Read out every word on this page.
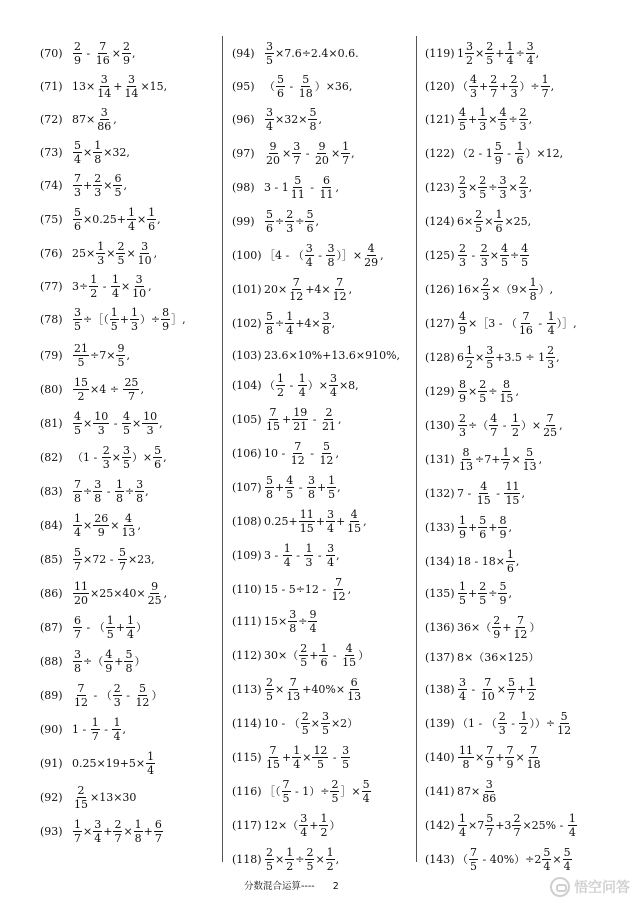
$(70) \frac{2}{9} - \frac{7}{16} \times \frac{2}{9}$ ,
(71) $13\times \frac{3}{14} + \frac{3}{14} \times 15$,
(72) $87\times \frac{3}{86}$ ,
$(73) \frac{5}{4} \times \frac{1}{8} \times 32$,
$(74) \frac{7}{3} + \frac{2}{3} \times \frac{6}{5}$ ,
$(75) \frac{5}{6} \times 0.25+ \frac{1}{4} \times \frac{1}{6}$ ,
(76) $25\times \frac{1}{3} \times \frac{2}{5} \times \frac{3}{10}$ ,
(77) $3\div \frac{1}{2} - \frac{1}{4} \times \frac{3}{10}$ ,
$(78) \frac{3}{5}$ ÷［（ $\frac{1}{5} + \frac{1}{3}$ ）÷ $\frac{8}{9}$ ］,
$(79) \frac{21}{5} \div 7\times \frac{9}{5}$ ,
$(80) \frac{15}{2} \times 4 \div \frac{25}{7}$ ,
$(81) \frac{4}{5} \times \frac{10}{3} - \frac{4}{5} \times \frac{10}{3}$ ,
(82) （$1 - \frac{2}{3} \times \frac{3}{5}$ ）× $\frac{5}{6}$ ,
$(83) \frac{7}{8} \div \frac{3}{8} - \frac{1}{8} \div \frac{3}{8}$ ,
$(84) \frac{1}{4} \times \frac{26}{9} \times \frac{4}{13}$ ,
$(85) \frac{5}{7} \times 72 - \frac{5}{7} \times 23$,
$(86) \frac{11}{20} \times 25\times 40\times \frac{9}{25}$ ,
$(87) \frac{6}{7}$ - （ $\frac{1}{5} + \frac{1}{4}$ ）
$(88) \frac{3}{8}$ ÷（ $\frac{4}{9} + \frac{5}{8}$ ）
$(89) \frac{7}{12}$ - （ $\frac{2}{3} - \frac{5}{12}$ ）
(90) $1 - \frac{1}{7} - \frac{1}{4}$ ,
(91) $0.25\times 19+5\times \frac{1}{4}$
$(92) \frac{2}{15} \times 13\times 30$
$(93) \frac{1}{7} \times \frac{3}{4} + \frac{2}{7} \times \frac{1}{8} + \frac{6}{7}$
$(94) \frac{3}{5} \times 7.6\div 2.4\times 0.6$.
(95) （ $\frac{5}{6} - \frac{5}{18} )\times 36$,
$(96) \frac{3}{4} \times 32\times \frac{5}{8}$ ,
$(97) \frac{9}{20} \times \frac{3}{7} - \frac{9}{20} \times \frac{1}{7}$ ,
(98) $3 - 1 \frac{5}{11} - \frac{6}{11}$ ,
$(99) \frac{5}{6} \div \frac{2}{3} \div \frac{5}{6}$ ,
(100) ［4 - （ $\frac{3}{4} - \frac{3}{8}$ ）］× $\frac{4}{29}$ ,
(101) $20\times \frac{7}{12} +4\times \frac{7}{12}$ ,
$(102) \frac{5}{8} \div \frac{1}{4} +4\times \frac{3}{8}$ ,
(103) 23.6×10%+13.6×910%,
(104) （ $\frac{1}{2} - \frac{1}{4}$ ）× $\frac{3}{4} \times 8$,
$(105) \frac{7}{15} + \frac{19}{21} - \frac{2}{21}$ ,
(106) $10 - \frac{7}{12} - \frac{5}{12}$ ,
$(107) \frac{5}{8} + \frac{4}{5} - \frac{3}{8} + \frac{1}{5}$ ,
(108) $0.25+ \frac{11}{15} + \frac{3}{4} + \frac{4}{15}$ ,
(109) $3 - \frac{1}{4} - \frac{1}{3} - \frac{3}{4}$ ,
(110) $15 - 5\div 12 - \frac{7}{12}$ ,
(111) $15\times \frac{3}{8} \div \frac{9}{4}$
(112) $30\times( \frac{2}{5} + \frac{1}{6} - \frac{4}{15}$ ）
$(113) \frac{2}{5} \times \frac{7}{13} +40\%\times \frac{6}{13}$
(114) 10 - （ $\frac{2}{5} \times \frac{3}{5} \times 2$）
$(115) \frac{7}{15} + \frac{1}{4} \times \frac{12}{5} - \frac{3}{5}$
(116) ［（ $\frac{7}{5} - 1)\div \frac{2}{5}$ ］× $\frac{5}{4}$
(117) $12\times( \frac{3}{4} + \frac{1}{2}$ ）
$(118) \frac{2}{5} \times \frac{1}{2} \div \frac{2}{5} \times \frac{1}{2}$ ,
(119) $1 \frac{3}{2} \times \frac{2}{5} + \frac{1}{4} \div \frac{3}{4}$ ,
(120) （ $\frac{4}{3} + \frac{2}{7} + \frac{2}{3}$ ）÷ $\frac{1}{7}$ ,
$(121) \frac{4}{5} + \frac{1}{3} \times \frac{4}{5} \div \frac{2}{3}$ ,
(122) $(2 - 1 \frac{5}{9} - \frac{1}{6} )\times 12$,
$(123) \frac{2}{3} \times \frac{2}{5} \div \frac{3}{3} \times \frac{2}{3}$ ,
(124) $6\times \frac{2}{5} \times \frac{1}{6} \times 25$,
$(125) \frac{2}{3} - \frac{2}{3} \times \frac{4}{5} \div \frac{4}{5}$
(126) $16\times \frac{2}{3} \times(9\times \frac{1}{8}$ ）,
$(127) \frac{4}{9}$ ×［3 - （ $\frac{7}{16} - \frac{1}{4}$ ）］,
(128) $6 \frac{1}{2} \times \frac{3}{5} +3.5 \div 1 \frac{2}{3}$ ,
$(129) \frac{8}{9} \times \frac{2}{5} \div \frac{8}{15}$ ,
$(130) \frac{2}{3}$ ÷（ $\frac{4}{7} - \frac{1}{2}$ ）× $\frac{7}{25}$ ,
$(131) \frac{8}{13} \div 7+ \frac{1}{7} \times \frac{5}{13}$ ,
(132) $7 - \frac{4}{15} - \frac{11}{15}$ ,
$(133) \frac{1}{9} + \frac{5}{6} + \frac{8}{9}$ ,
(134) $18 - 18\times \frac{1}{6}$ ,
$(135) \frac{1}{5} + \frac{2}{5} \div \frac{5}{9}$ ,
(136) $36\times( \frac{2}{9} + \frac{7}{12}$ ）
(137) 8×（36×125）
$(138) \frac{3}{4} - \frac{7}{10} \times \frac{5}{7} + \frac{1}{2}$
(139) （1 - （ $\frac{2}{3} - \frac{1}{2}$ ））÷ $\frac{5}{12}$
$(140) \frac{11}{8} \times \frac{7}{9} + \frac{7}{9} \times \frac{7}{18}$
(141) $87\times \frac{3}{86}$
$(142) \frac{1}{4} \times 7 \frac{5}{7} +3 \frac{2}{7} \times 25\% - \frac{1}{4}$
(143) （ $\frac{7}{5} - 40\%)\div 2 \frac{5}{4} \times \frac{5}{4}$
分数混合运算---- 2	悟空问答
